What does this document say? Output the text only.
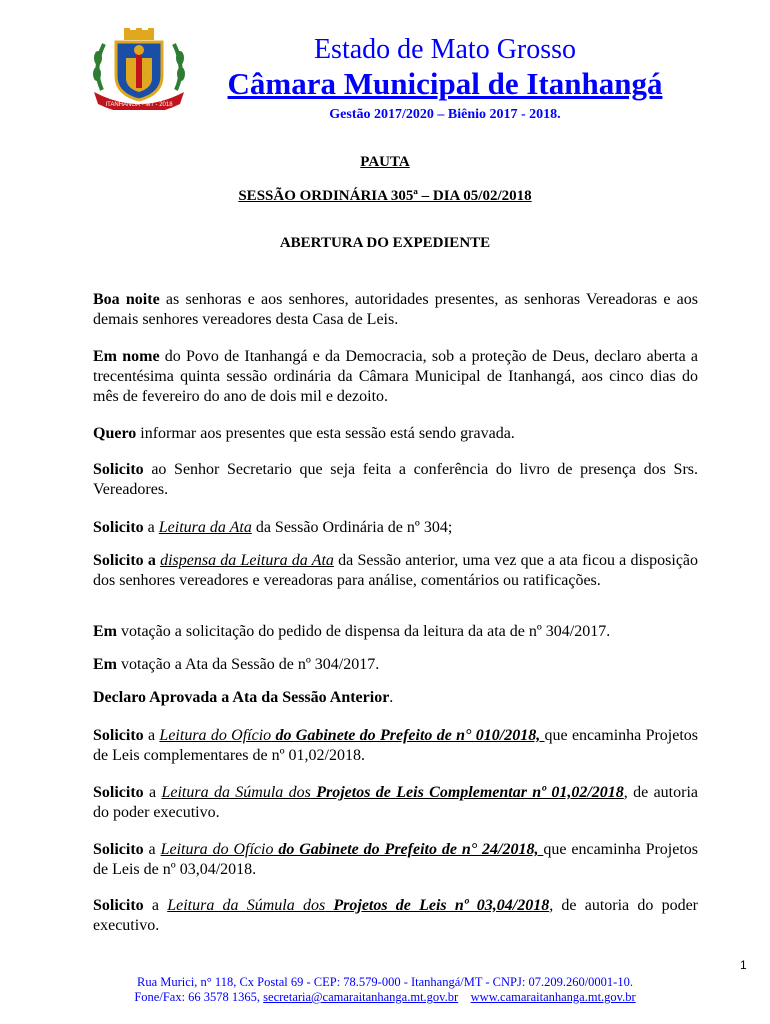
ITANHANGÁ - MT - 2018
Estado de Mato Grosso
Câmara Municipal de Itanhangá
Gestão 2017/2020 – Biênio 2017 - 2018.
PAUTA
SESSÃO ORDINÁRIA 305ª – DIA 05/02/2018
ABERTURA DO EXPEDIENTE

Boa noite as senhoras e aos senhores, autoridades presentes, as senhoras Vereadoras e aos demais senhores vereadores desta Casa de Leis.

Em nome do Povo de Itanhangá e da Democracia, sob a proteção de Deus, declaro aberta a trecentésima quinta sessão ordinária da Câmara Municipal de Itanhangá, aos cinco dias do mês de fevereiro do ano de dois mil e dezoito.

Quero informar aos presentes que esta sessão está sendo gravada.

Solicito ao Senhor Secretario que seja feita a conferência do livro de presença dos Srs. Vereadores.

Solicito a Leitura da Ata da Sessão Ordinária de nº 304;

Solicito a dispensa da Leitura da Ata da Sessão anterior, uma vez que a ata ficou a disposição dos senhores vereadores e vereadoras para análise, comentários ou ratificações.

Em votação a solicitação do pedido de dispensa da leitura da ata de nº 304/2017.

Em votação a Ata da Sessão de nº 304/2017.

Declaro Aprovada a Ata da Sessão Anterior.

Solicito a Leitura do Ofício do Gabinete do Prefeito de n° 010/2018, que encaminha Projetos de Leis complementares de nº 01,02/2018.

Solicito a Leitura da Súmula dos Projetos de Leis Complementar nº 01,02/2018, de autoria do poder executivo.

Solicito a Leitura do Ofício do Gabinete do Prefeito de n° 24/2018, que encaminha Projetos de Leis de nº 03,04/2018.

Solicito a Leitura da Súmula dos Projetos de Leis nº 03,04/2018, de autoria do poder executivo.

1
Rua Murici, n° 118, Cx Postal 69 - CEP: 78.579-000 - Itanhangá/MT - CNPJ: 07.209.260/0001-10.
Fone/Fax: 66 3578 1365, secretaria@camaraitanhanga.mt.gov.br www.camaraitanhanga.mt.gov.br
